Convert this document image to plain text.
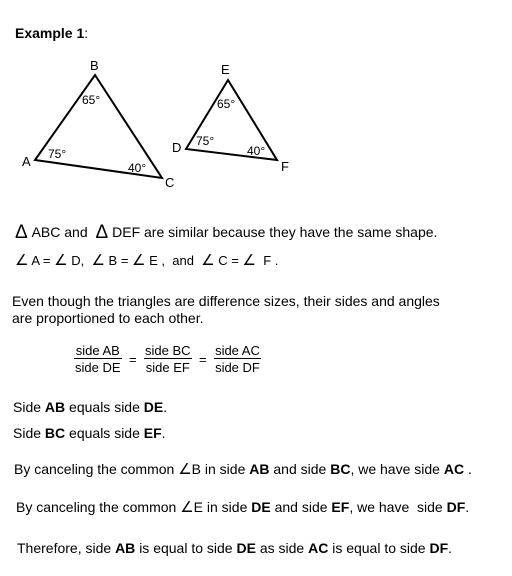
Example 1:
A
B
C
75°
65°
40°
D
E
F
75°
65°
40°
Δ ABC and Δ DEF are similar because they have the same shape.
∠ A = ∠ D, ∠ B = ∠ E , and ∠ C = ∠ F .
Even though the triangles are difference sizes, their sides and angles
are proportioned to each other.
$\frac{\text{side AB}}{\text{side DE}} = \frac{\text{side BC}}{\text{side EF}} = \frac{\text{side AC}}{\text{side DF}}$
Side AB equals side DE.
Side BC equals side EF.
By canceling the common ∠B in side AB and side BC, we have side AC .
By canceling the common ∠E in side DE and side EF, we have side DF.
Therefore, side AB is equal to side DE as side AC is equal to side DF.
